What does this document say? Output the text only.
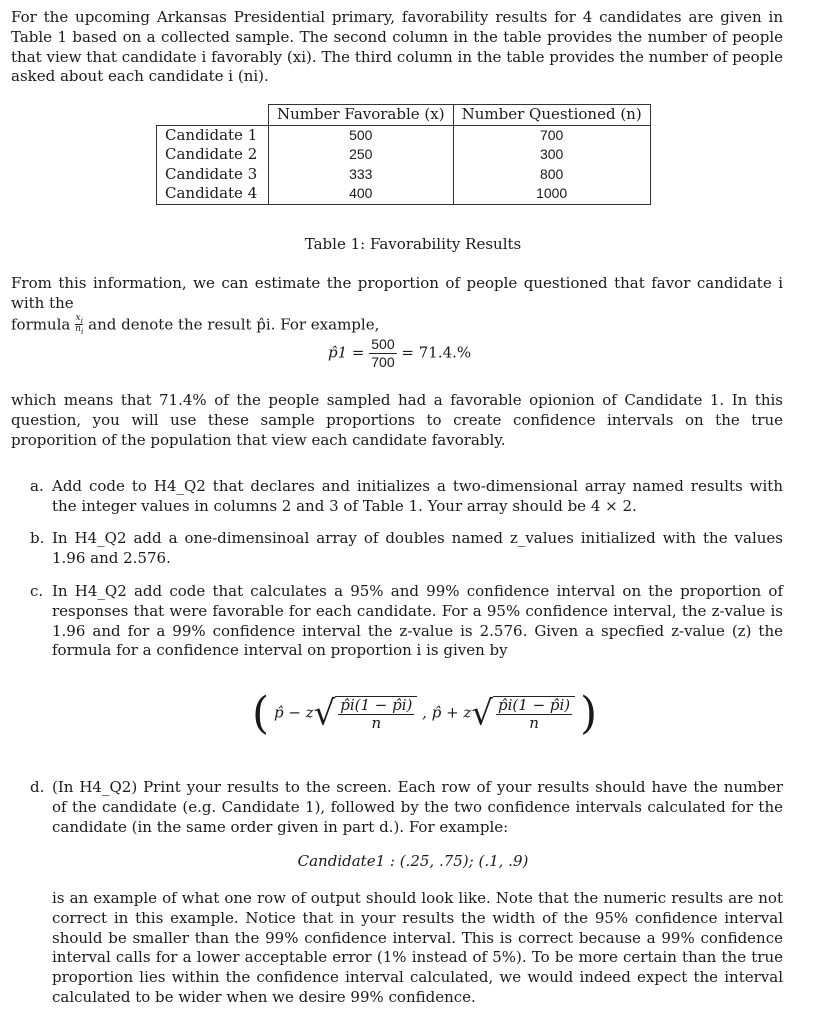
For the upcoming Arkansas Presidential primary, favorability results for 4 candidates are given in Table 1 based on a collected sample. The second column in the table provides the number of people that view that candidate i favorably (xi). The third column in the table provides the number of people asked about each candidate i (ni).
	Number Favorable (x)	Number Questioned (n)
Candidate 1	500	700
Candidate 2	250	300
Candidate 3	333	800
Candidate 4	400	1000
Table 1: Favorability Results
From this information, we can estimate the proportion of people questioned that favor candidate i with the
formula $\frac{x_i}{n_i}$ and denote the result p̂i. For example,
p̂1 = $\frac{500}{700} = 71.4.\%$
which means that 71.4% of the people sampled had a favorable opionion of Candidate 1. In this question, you will use these sample proportions to create confidence intervals on the true proporition of the population that view each candidate favorably.
a. Add code to H4_Q2 that declares and initializes a two-dimensional array named results with the integer values in columns 2 and 3 of Table 1. Your array should be 4 × 2.
b. In H4_Q2 add a one-dimensinoal array of doubles named z_values initialized with the values 1.96 and 2.576.
c. In H4_Q2 add code that calculates a 95% and 99% confidence interval on the proportion of responses that were favorable for each candidate. For a 95% confidence interval, the z-value is 1.96 and for a 99% confidence interval the z-value is 2.576. Given a specfied z-value (z) the formula for a confidence interval on proportion i is given by
( p̂ − $z√ \frac{p̂i(1 - p̂i)}{n}$ , p̂ + $z√ \frac{p̂i(1 - p̂i)}{n}$ )
d. (In H4_Q2) Print your results to the screen. Each row of your results should have the number of the candidate (e.g. Candidate 1), followed by the two confidence intervals calculated for the candidate (in the same order given in part d.). For example:
Candidate1 : (.25, .75); (.1, .9)
is an example of what one row of output should look like. Note that the numeric results are not correct in this example. Notice that in your results the width of the 95% confidence interval should be smaller than the 99% confidence interval. This is correct because a 99% confidence interval calls for a lower acceptable error (1% instead of 5%). To be more certain than the true proportion lies within the confidence interval calculated, we would indeed expect the interval calculated to be wider when we desire 99% confidence.
